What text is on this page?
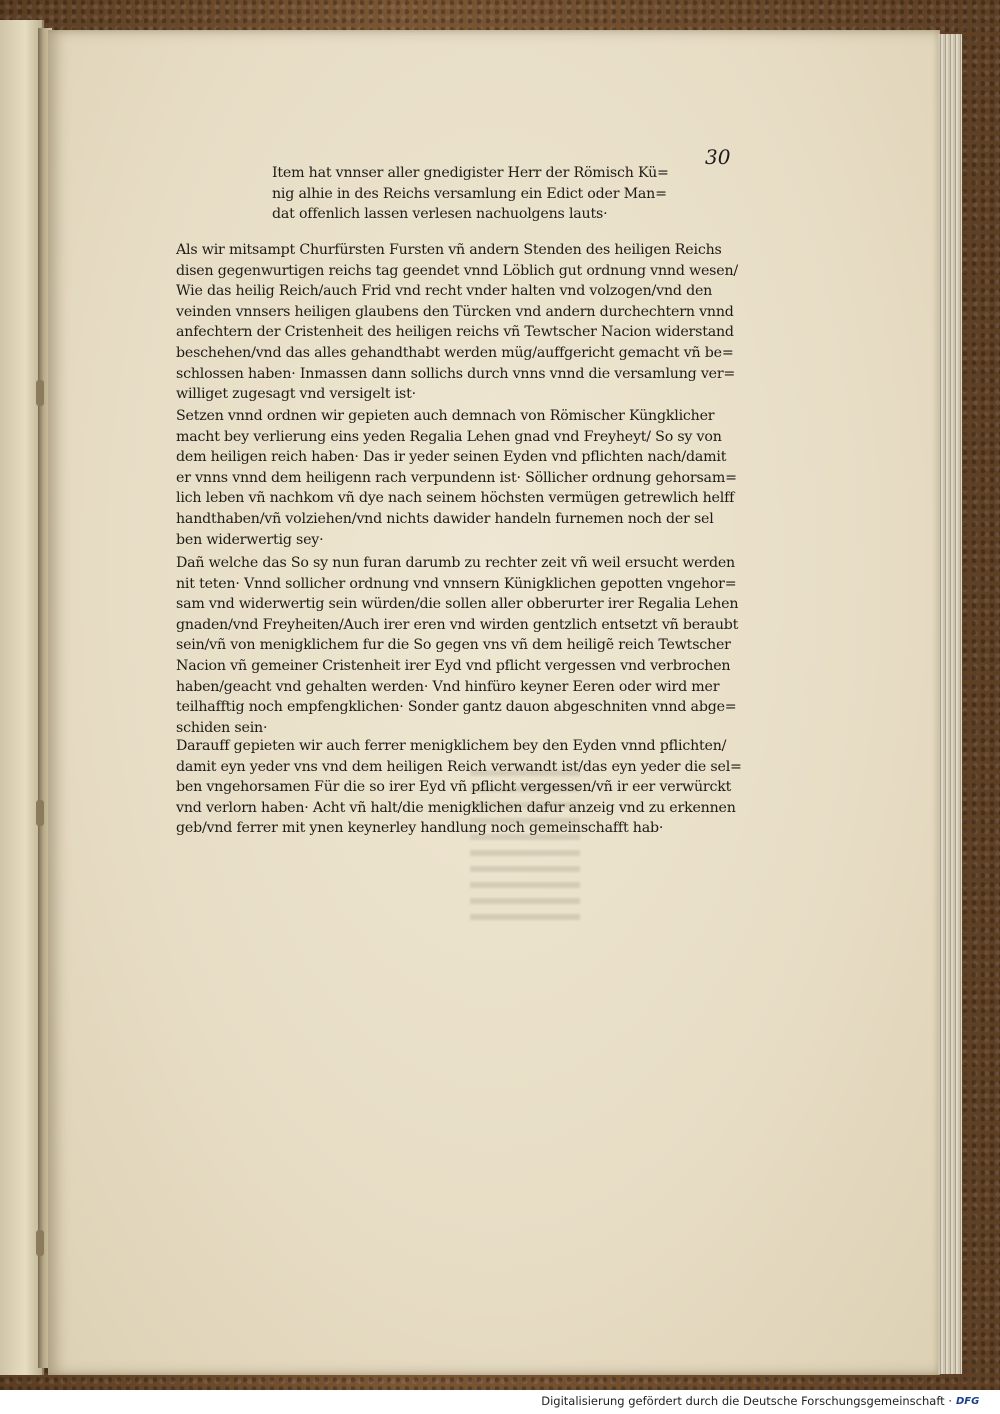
30
Item hat vnnser aller gnedigister Herr der Römisch Kü=
nig alhie in des Reichs versamlung ein Edict oder Man=
dat offenlich lassen verlesen nachuolgens lauts·
Als wir mitsampt Churfürsten Fursten vñ andern Stenden des heiligen Reichs
disen gegenwurtigen reichs tag geendet vnnd Löblich gut ordnung vnnd wesen/
Wie das heilig Reich/auch Frid vnd recht vnder halten vnd volzogen/vnd den
veinden vnnsers heiligen glaubens den Türcken vnd andern durchechtern vnnd
anfechtern der Cristenheit des heiligen reichs vñ Tewtscher Nacion widerstand
beschehen/vnd das alles gehandthabt werden müg/auffgericht gemacht vñ be=
schlossen haben· Inmassen dann sollichs durch vnns vnnd die versamlung ver=
williget zugesagt vnd versigelt ist·
Setzen vnnd ordnen wir gepieten auch demnach von Römischer Küngklicher
macht bey verlierung eins yeden Regalia Lehen gnad vnd Freyheyt/ So sy von
dem heiligen reich haben· Das ir yeder seinen Eyden vnd pflichten nach/damit
er vnns vnnd dem heiligenn rach verpundenn ist· Söllicher ordnung gehorsam=
lich leben vñ nachkom vñ dye nach seinem höchsten vermügen getrewlich helff
handthaben/vñ volziehen/vnd nichts dawider handeln furnemen noch der sel
ben widerwertig sey·
Dañ welche das So sy nun furan darumb zu rechter zeit vñ weil ersucht werden
nit teten· Vnnd sollicher ordnung vnd vnnsern Künigklichen gepotten vngehor=
sam vnd widerwertig sein würden/die sollen aller obberurter irer Regalia Lehen
gnaden/vnd Freyheiten/Auch irer eren vnd wirden gentzlich entsetzt vñ beraubt
sein/vñ von menigklichem fur die So gegen vns vñ dem heiligẽ reich Tewtscher
Nacion vñ gemeiner Cristenheit irer Eyd vnd pflicht vergessen vnd verbrochen
haben/geacht vnd gehalten werden· Vnd hinfüro keyner Eeren oder wird mer
teilhafftig noch empfengklichen· Sonder gantz dauon abgeschniten vnnd abge=
schiden sein·
Darauff gepieten wir auch ferrer menigklichem bey den Eyden vnnd pflichten/
damit eyn yeder vns vnd dem heiligen Reich verwandt ist/das eyn yeder die sel=
ben vngehorsamen Für die so irer Eyd vñ pflicht vergessen/vñ ir eer verwürckt
vnd verlorn haben· Acht vñ halt/die menigklichen dafur anzeig vnd zu erkennen
geb/vnd ferrer mit ynen keynerley handlung noch gemeinschafft hab·
Digitalisierung gefördert durch die Deutsche Forschungsgemeinschaft · DFG
